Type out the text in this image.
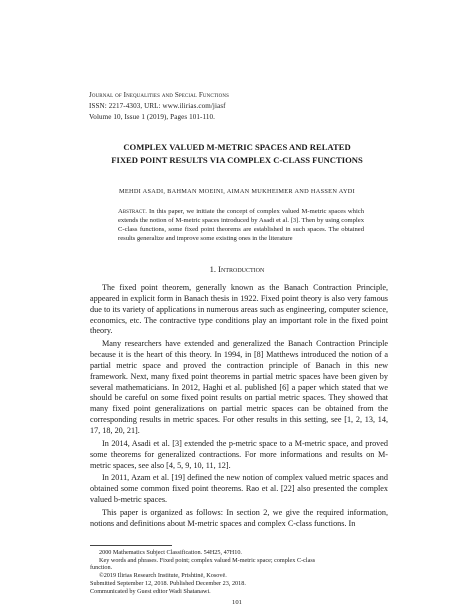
Journal of Inequalities and Special Functions
ISSN: 2217-4303, URL: www.ilirias.com/jiasf
Volume 10, Issue 1 (2019), Pages 101-110.
COMPLEX VALUED M-METRIC SPACES AND RELATED
FIXED POINT RESULTS VIA COMPLEX C-CLASS FUNCTIONS
MEHDI ASADI, BAHMAN MOEINI, AIMAN MUKHEIMER AND HASSEN AYDI
Abstract. In this paper, we initiate the concept of complex valued M-metric spaces which extends the notion of M-metric spaces introduced by Asadi et al. [3]. Then by using complex C-class functions, some fixed point theorems are established in such spaces. The obtained results generalize and improve some existing ones in the literature
1. Introduction

The fixed point theorem, generally known as the Banach Contraction Principle, appeared in explicit form in Banach thesis in 1922. Fixed point theory is also very famous due to its variety of applications in numerous areas such as engineering, computer science, economics, etc. The contractive type conditions play an important role in the fixed point theory.

Many researchers have extended and generalized the Banach Contraction Principle because it is the heart of this theory. In 1994, in [8] Matthews introduced the notion of a partial metric space and proved the contraction principle of Banach in this new framework. Next, many fixed point theorems in partial metric spaces have been given by several mathematicians. In 2012, Haghi et al. published [6] a paper which stated that we should be careful on some fixed point results on partial metric spaces. They showed that many fixed point generalizations on partial metric spaces can be obtained from the corresponding results in metric spaces. For other results in this setting, see [1, 2, 13, 14, 17, 18, 20, 21].

In 2014, Asadi et al. [3] extended the p-metric space to a M-metric space, and proved some theorems for generalized contractions. For more informations and results on M-metric spaces, see also [4, 5, 9, 10, 11, 12].

In 2011, Azam et al. [19] defined the new notion of complex valued metric spaces and obtained some common fixed point theorems. Rao et al. [22] also presented the complex valued b-metric spaces.

This paper is organized as follows: In section 2, we give the required information, notions and definitions about M-metric spaces and complex C-class functions. In

2000 Mathematics Subject Classification. 54H25, 47H10.
Key words and phrases. Fixed point; complex valued M-metric space; complex C-class
function.
©2019 Ilirias Research Institute, Prishtinë, Kosovë.
Submitted September 12, 2018. Published December 23, 2018.
Communicated by Guest editor Wadi Shatanawi.
101
